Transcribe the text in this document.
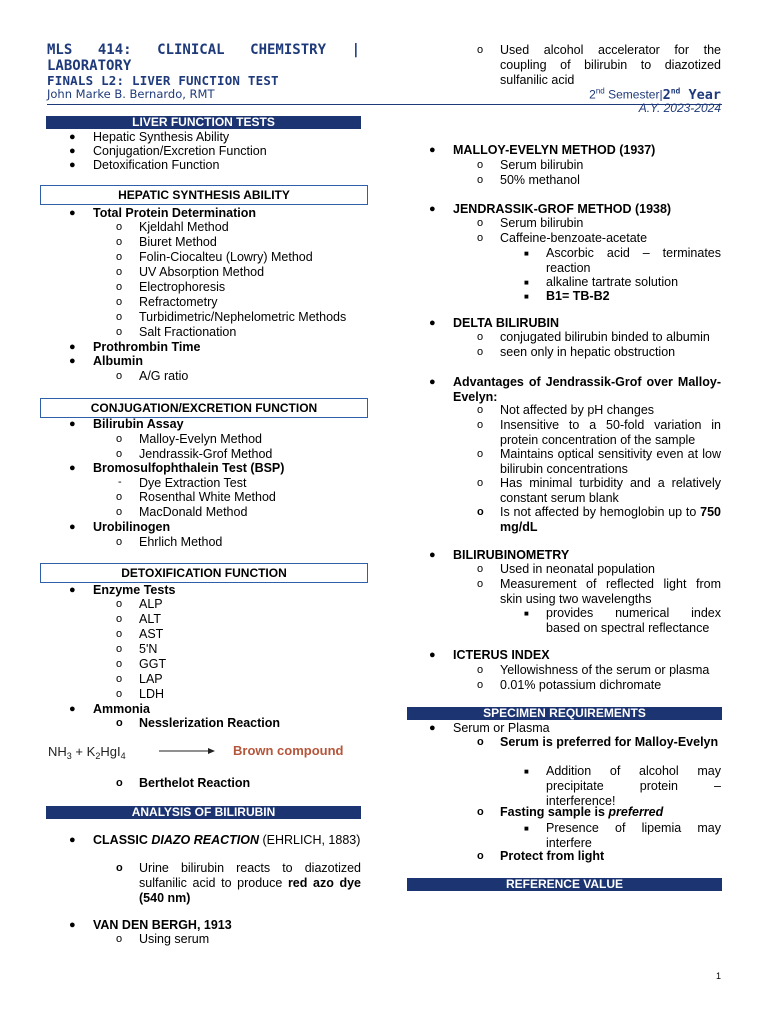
MLS 414: CLINICAL CHEMISTRY | LABORATORY
FINALS L2: LIVER FUNCTION TEST
John Marke B. Bernardo, RMT	2nd Semester|2nd Year
A.Y. 2023-2024
LIVER FUNCTION TESTS
● Hepatic Synthesis Ability
● Conjugation/Excretion Function
● Detoxification Function
HEPATIC SYNTHESIS ABILITY
● Total Protein Determination
o Kjeldahl Method
o Biuret Method
o Folin-Ciocalteu (Lowry) Method
o UV Absorption Method
o Electrophoresis
o Refractometry
o Turbidimetric/Nephelometric Methods
o Salt Fractionation
● Prothrombin Time
● Albumin
o A/G ratio
CONJUGATION/EXCRETION FUNCTION
● Bilirubin Assay
o Malloy-Evelyn Method
o Jendrassik-Grof Method
● Bromosulfophthalein Test (BSP)
- Dye Extraction Test
o Rosenthal White Method
o MacDonald Method
● Urobilinogen
o Ehrlich Method
DETOXIFICATION FUNCTION
● Enzyme Tests
o ALP
o ALT
o AST
o 5'N
o GGT
o LAP
o LDH
● Ammonia
o Nesslerization Reaction
$NH_3 + K_2HgI_4$	Brown compound
o Berthelot Reaction
ANALYSIS OF BILIRUBIN
● CLASSIC DIAZO REACTION (EHRLICH, 1883)
o Urine bilirubin reacts to diazotized sulfanilic acid to produce red azo dye (540 nm)
● VAN DEN BERGH, 1913
o Using serum
o Used alcohol accelerator for the coupling of bilirubin to diazotized sulfanilic acid
● MALLOY-EVELYN METHOD (1937)
o Serum bilirubin
o 50% methanol
● JENDRASSIK-GROF METHOD (1938)
o Serum bilirubin
o Caffeine-benzoate-acetate
■ Ascorbic acid – terminates reaction
■ alkaline tartrate solution
■ B1= TB-B2
● DELTA BILIRUBIN
o conjugated bilirubin binded to albumin
o seen only in hepatic obstruction
● Advantages of Jendrassik-Grof over Malloy-Evelyn:
o Not affected by pH changes
o Insensitive to a 50-fold variation in protein concentration of the sample
o Maintains optical sensitivity even at low bilirubin concentrations
o Has minimal turbidity and a relatively constant serum blank
o Is not affected by hemoglobin up to 750 mg/dL
● BILIRUBINOMETRY
o Used in neonatal population
o Measurement of reflected light from skin using two wavelengths
■ provides numerical index based on spectral reflectance
● ICTERUS INDEX
o Yellowishness of the serum or plasma
o 0.01% potassium dichromate
SPECIMEN REQUIREMENTS
● Serum or Plasma
o Serum is preferred for Malloy-Evelyn
■ Addition of alcohol may precipitate protein – interference!
o Fasting sample is preferred
■ Presence of lipemia may interfere
o Protect from light
REFERENCE VALUE
1
